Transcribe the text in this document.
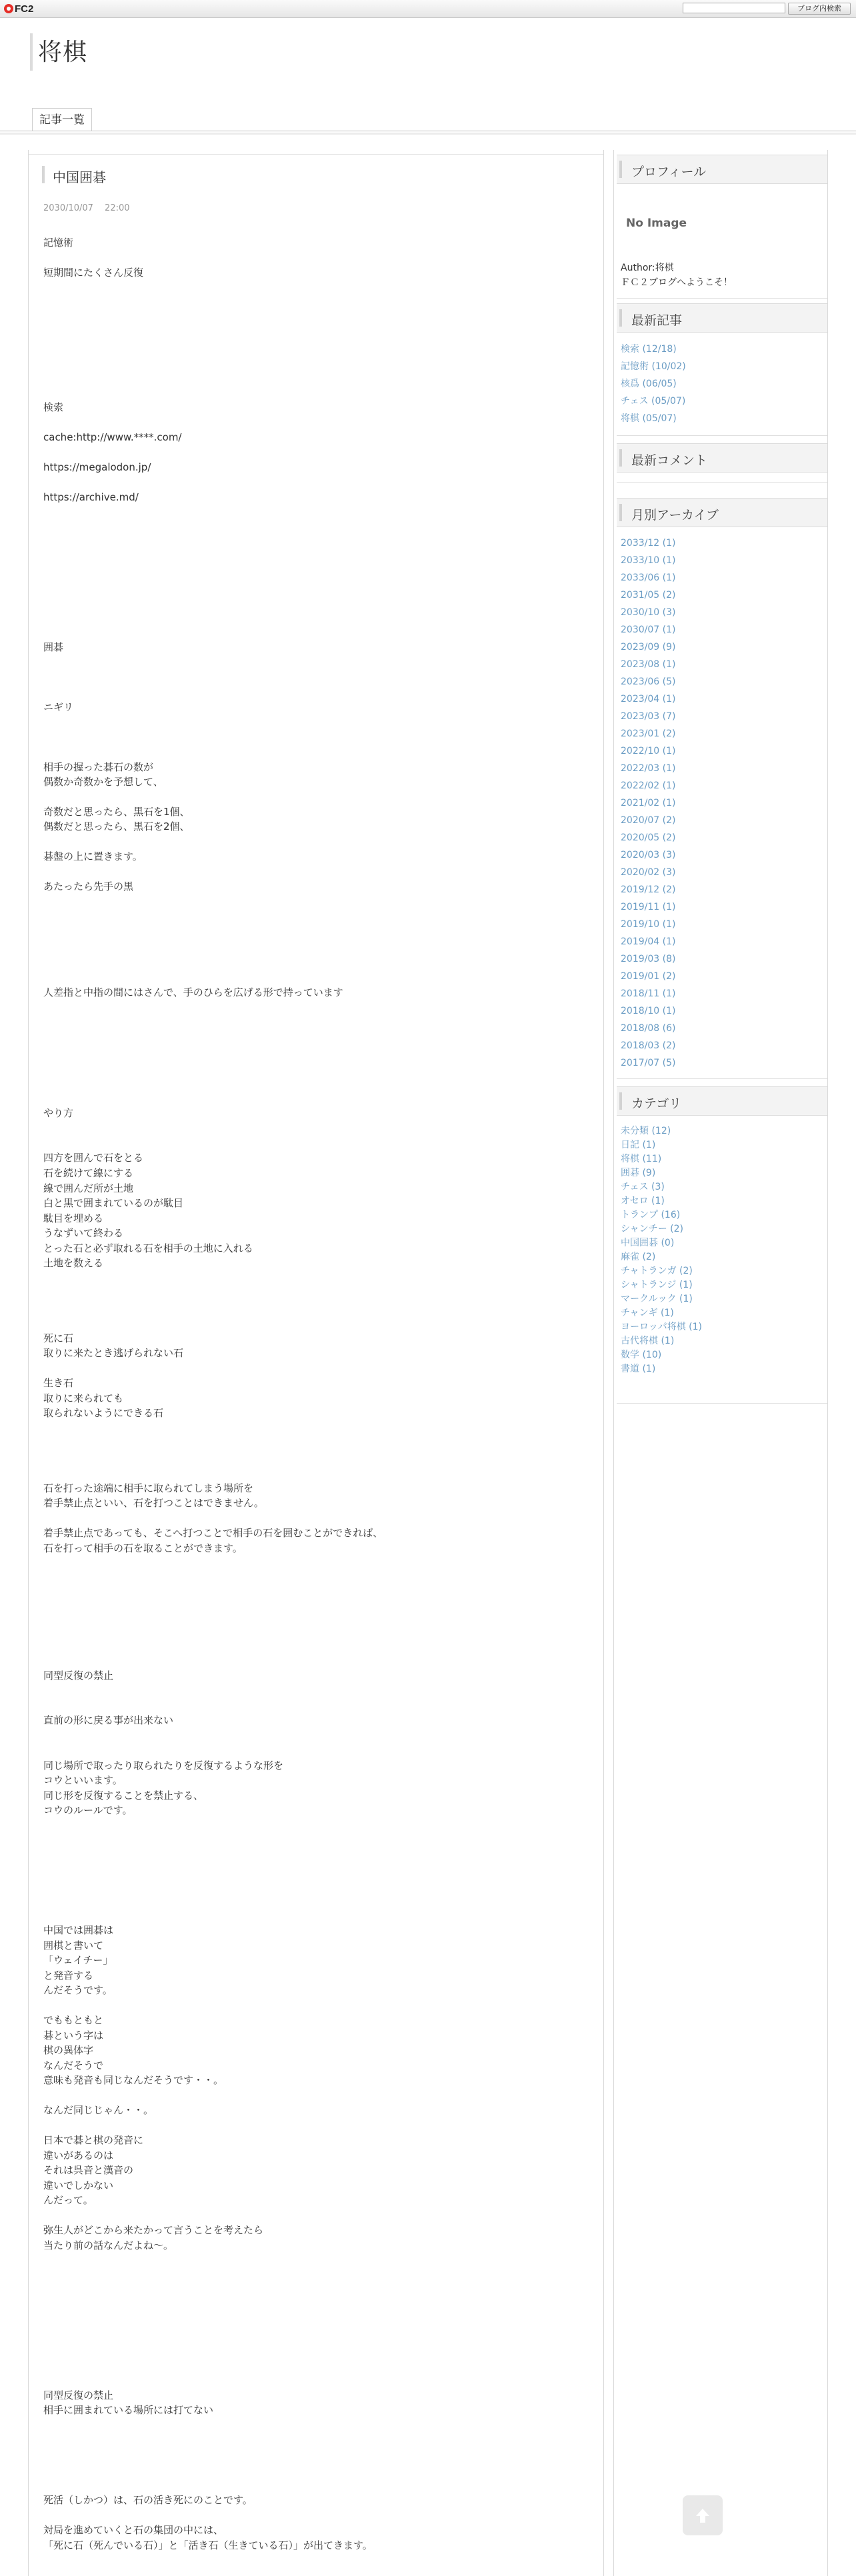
FC2	ブログ内検索
将棋
記事一覧
中国囲碁
2030/10/07　 22:00
記憶術
短期間にたくさん反復
検索
cache:http://www.****.com/
https://megalodon.jp/
https://archive.md/
囲碁
ニギリ
相手の握った碁石の数が
偶数か奇数かを予想して、
奇数だと思ったら、黒石を1個、
偶数だと思ったら、黒石を2個、
碁盤の上に置きます。
あたったら先手の黒
人差指と中指の間にはさんで、手のひらを広げる形で持っています
やり方
四方を囲んで石をとる
石を続けて線にする
線で囲んだ所が土地
白と黒で囲まれているのが駄目
駄目を埋める
うなずいて終わる
とった石と必ず取れる石を相手の土地に入れる
土地を数える
死に石
取りに来たとき逃げられない石
生き石
取りに来られても
取られないようにできる石
石を打った途端に相手に取られてしまう場所を
着手禁止点といい、石を打つことはできません。
着手禁止点であっても、そこへ打つことで相手の石を囲むことができれば、
石を打って相手の石を取ることができます。
同型反復の禁止
直前の形に戻る事が出来ない
同じ場所で取ったり取られたりを反復するような形を
コウといいます。
同じ形を反復することを禁止する、
コウのルールです。
中国では囲碁は
囲棋と書いて
「ウェイチー」
と発音する
んだそうです。
でももともと
碁という字は
棋の異体字
なんだそうで
意味も発音も同じなんだそうです・・。
なんだ同じじゃん・・。
日本で碁と棋の発音に
違いがあるのは
それは呉音と漢音の
違いでしかない
んだって。
弥生人がどこから来たかって言うことを考えたら
当たり前の話なんだよね～。
同型反復の禁止
相手に囲まれている場所には打てない
死活（しかつ）は、石の活き死にのことです。
対局を進めていくと石の集団の中には、
「死に石（死んでいる石）」と「活き石（生きている石）」が出てきます。
プロフィール
No Image
Author:将棋
ＦＣ２ブログへようこそ！
最新記事
検索 (12/18)
記憶術 (10/02)
核爲 (06/05)
チェス (05/07)
将棋 (05/07)
最新コメント
月別アーカイブ
2033/12 (1)
2033/10 (1)
2033/06 (1)
2031/05 (2)
2030/10 (3)
2030/07 (1)
2023/09 (9)
2023/08 (1)
2023/06 (5)
2023/04 (1)
2023/03 (7)
2023/01 (2)
2022/10 (1)
2022/03 (1)
2022/02 (1)
2021/02 (1)
2020/07 (2)
2020/05 (2)
2020/03 (3)
2020/02 (3)
2019/12 (2)
2019/11 (1)
2019/10 (1)
2019/04 (1)
2019/03 (8)
2019/01 (2)
2018/11 (1)
2018/10 (1)
2018/08 (6)
2018/03 (2)
2017/07 (5)
カテゴリ
未分類 (12)
日記 (1)
将棋 (11)
囲碁 (9)
チェス (3)
オセロ (1)
トランプ (16)
シャンチー (2)
中国囲碁 (0)
麻雀 (2)
チャトランガ (2)
シャトランジ (1)
マークルック (1)
チャンギ (1)
ヨーロッパ将棋 (1)
古代将棋 (1)
数学 (10)
書道 (1)
